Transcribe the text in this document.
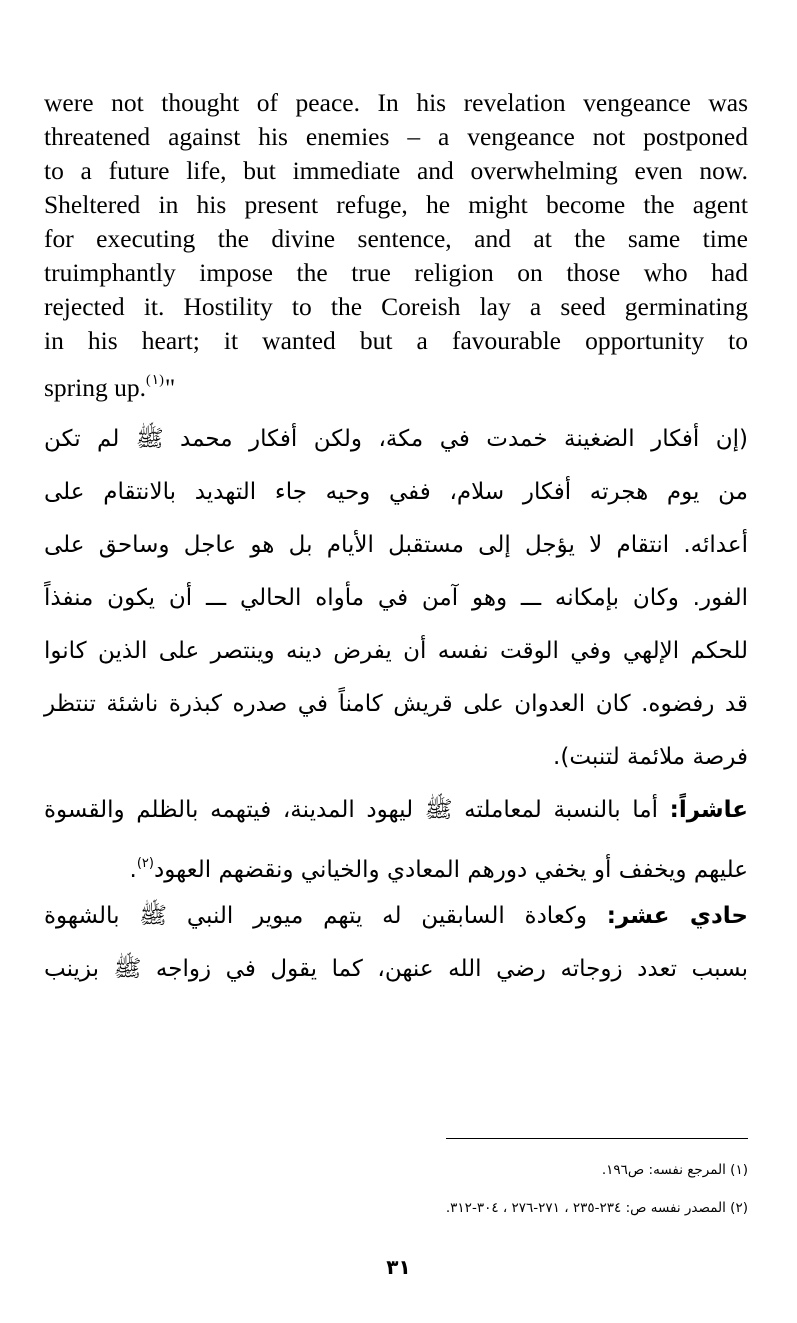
were not thought of peace. In his revelation vengeance was
threatened against his enemies – a vengeance not postponed
to a future life, but immediate and overwhelming even now.
Sheltered in his present refuge, he might become the agent
for executing the divine sentence, and at the same time
truimphantly impose the true religion on those who had
rejected it. Hostility to the Coreish lay a seed germinating
in his heart; it wanted but a favourable opportunity to
spring up.$^{(١)}$"
(إن أفكار الضغينة خمدت في مكة، ولكن أفكار محمد ﷺ لم تكن
من يوم هجرته أفكار سلام، ففي وحيه جاء التهديد بالانتقام على
أعدائه. انتقام لا يؤجل إلى مستقبل الأيام بل هو عاجل وساحق على
الفور. وكان بإمكانه ـــ وهو آمن في مأواه الحالي ـــ أن يكون منفذاً
للحكم الإلهي وفي الوقت نفسه أن يفرض دينه وينتصر على الذين كانوا
قد رفضوه. كان العدوان على قريش كامناً في صدره كبذرة ناشئة تنتظر
فرصة ملائمة لتنبت).
عاشراً: أما بالنسبة لمعاملته ﷺ ليهود المدينة، فيتهمه بالظلم والقسوة
عليهم ويخفف أو يخفي دورهم المعادي والخياني ونقضهم العهود$^{(٢)}$.
حادي عشر: وكعادة السابقين له يتهم ميوير النبي ﷺ بالشهوة
بسبب تعدد زوجاته رضي الله عنهن، كما يقول في زواجه ﷺ بزينب
(١) المرجع نفسه: ص١٩٦.
(٢) المصدر نفسه ص: ٢٣٤-٢٣٥ ، ٢٧١-٢٧٦ ، ٣٠٤-٣١٢.
٣١
